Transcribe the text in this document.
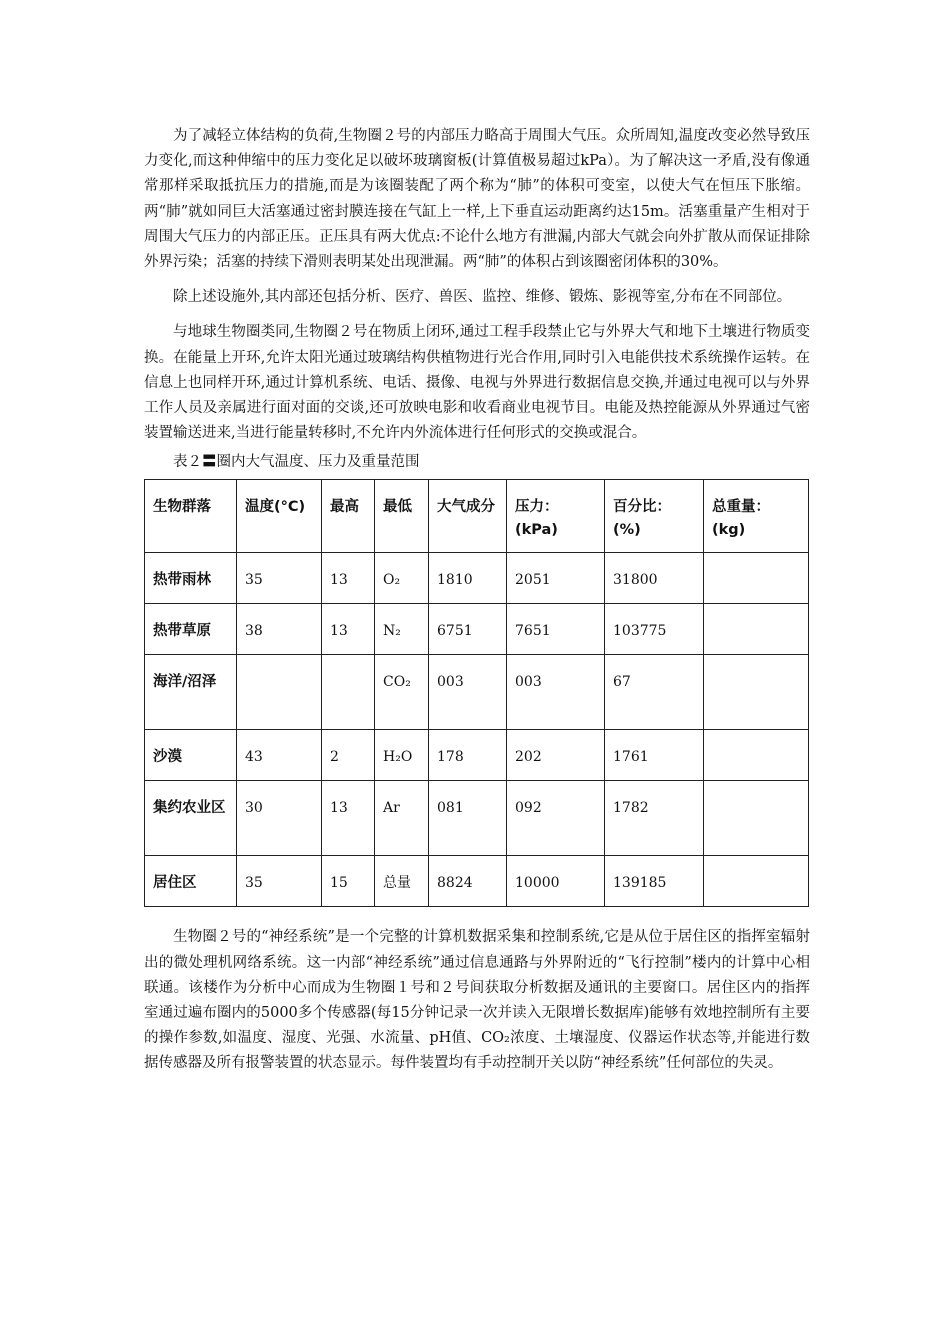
为了减轻立体结构的负荷,生物圈２号的内部压力略高于周围大气压。众所周知,温度改变必然导致压力变化,而这种伸缩中的压力变化足以破坏玻璃窗板(计算值极易超过kPa）。为了解决这一矛盾,没有像通常那样采取抵抗压力的措施,而是为该圈装配了两个称为“肺”的体积可变室，以使大气在恒压下胀缩。两“肺”就如同巨大活塞通过密封膜连接在气缸上一样,上下垂直运动距离约达15m。活塞重量产生相对于周围大气压力的内部正压。正压具有两大优点:不论什么地方有泄漏,内部大气就会向外扩散从而保证排除外界污染；活塞的持续下滑则表明某处出现泄漏。两“肺”的体积占到该圈密闭体积的30%。

除上述设施外,其内部还包括分析、医疗、兽医、监控、维修、锻炼、影视等室,分布在不同部位。

与地球生物圈类同,生物圈２号在物质上闭环,通过工程手段禁止它与外界大气和地下土壤进行物质变换。在能量上开环,允许太阳光通过玻璃结构供植物进行光合作用,同时引入电能供技术系统操作运转。在信息上也同样开环,通过计算机系统、电话、摄像、电视与外界进行数据信息交换,并通过电视可以与外界工作人员及亲属进行面对面的交谈,还可放映电影和收看商业电视节目。电能及热控能源从外界通过气密装置输送进来,当进行能量转移时,不允许内外流体进行任何形式的交换或混合。

表２〓圈内大气温度、压力及重量范围

生物群落	温度(°C)	最高	最低	大气成分	压力：(kPa)	百分比：(%)	总重量：(kg)
热带雨林	35	13	O₂	1810	2051	31800	
热带草原	38	13	N₂	6751	7651	103775	
海洋/沼泽			CO₂	003	003	67	
沙漠	43	2	H₂O	178	202	1761	
集约农业区	30	13	Ar	081	092	1782	
居住区	35	15	总量	8824	10000	139185	

生物圈２号的“神经系统”是一个完整的计算机数据采集和控制系统,它是从位于居住区的指挥室辐射出的微处理机网络系统。这一内部“神经系统”通过信息通路与外界附近的“飞行控制”楼内的计算中心相联通。该楼作为分析中心而成为生物圈１号和２号间获取分析数据及通讯的主要窗口。居住区内的指挥室通过遍布圈内的5000多个传感器(每15分钟记录一次并读入无限增长数据库)能够有效地控制所有主要的操作参数,如温度、湿度、光强、水流量、pH值、CO₂浓度、土壤湿度、仪器运作状态等,并能进行数据传感器及所有报警装置的状态显示。每件装置均有手动控制开关以防“神经系统”任何部位的失灵。
